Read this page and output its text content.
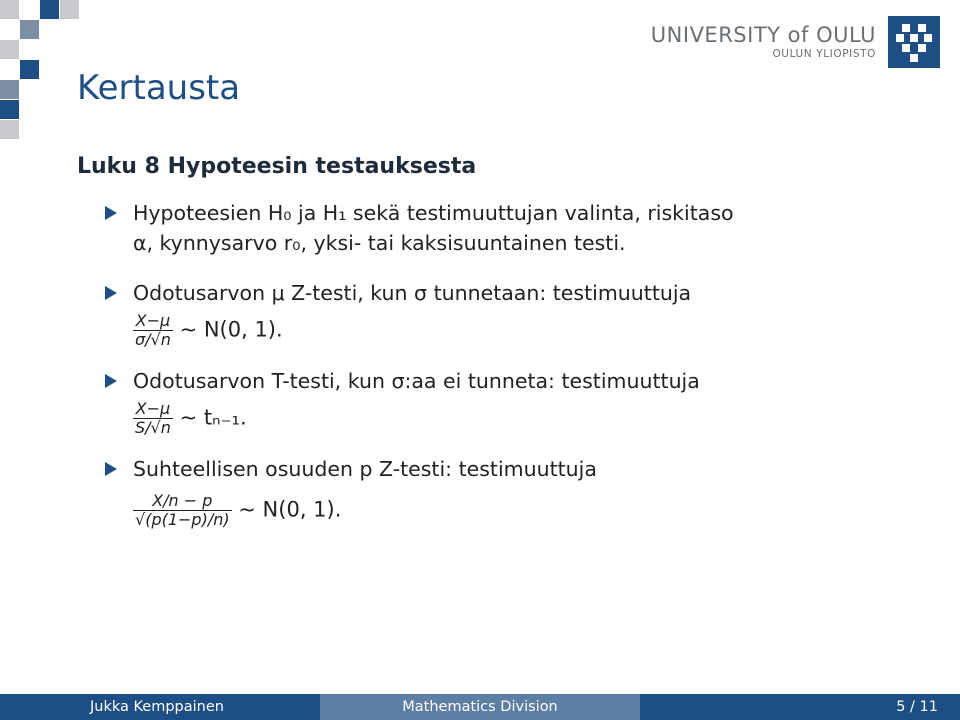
UNIVERSITY of OULU
OULUN YLIOPISTO
Kertausta
Luku 8 Hypoteesin testauksesta
Hypoteesien H₀ ja H₁ sekä testimuuttujan valinta, riskitaso
α, kynnysarvo r₀, yksi- tai kaksisuuntainen testi.
Odotusarvon μ Z-testi, kun σ tunnetaan: testimuuttuja
$\frac{X-\mu}{\sigma/√n}$ ∼ N(0, 1).
Odotusarvon T-testi, kun σ:aa ei tunneta: testimuuttuja
$\frac{X-\mu}{S/√n}$ ∼ tₙ₋₁.
Suhteellisen osuuden p Z-testi: testimuuttuja
$\frac{X/n - p}{√(p(1-p)/n)}$ ∼ N(0, 1).
Jukka Kemppainen	Mathematics Division	5 / 11
